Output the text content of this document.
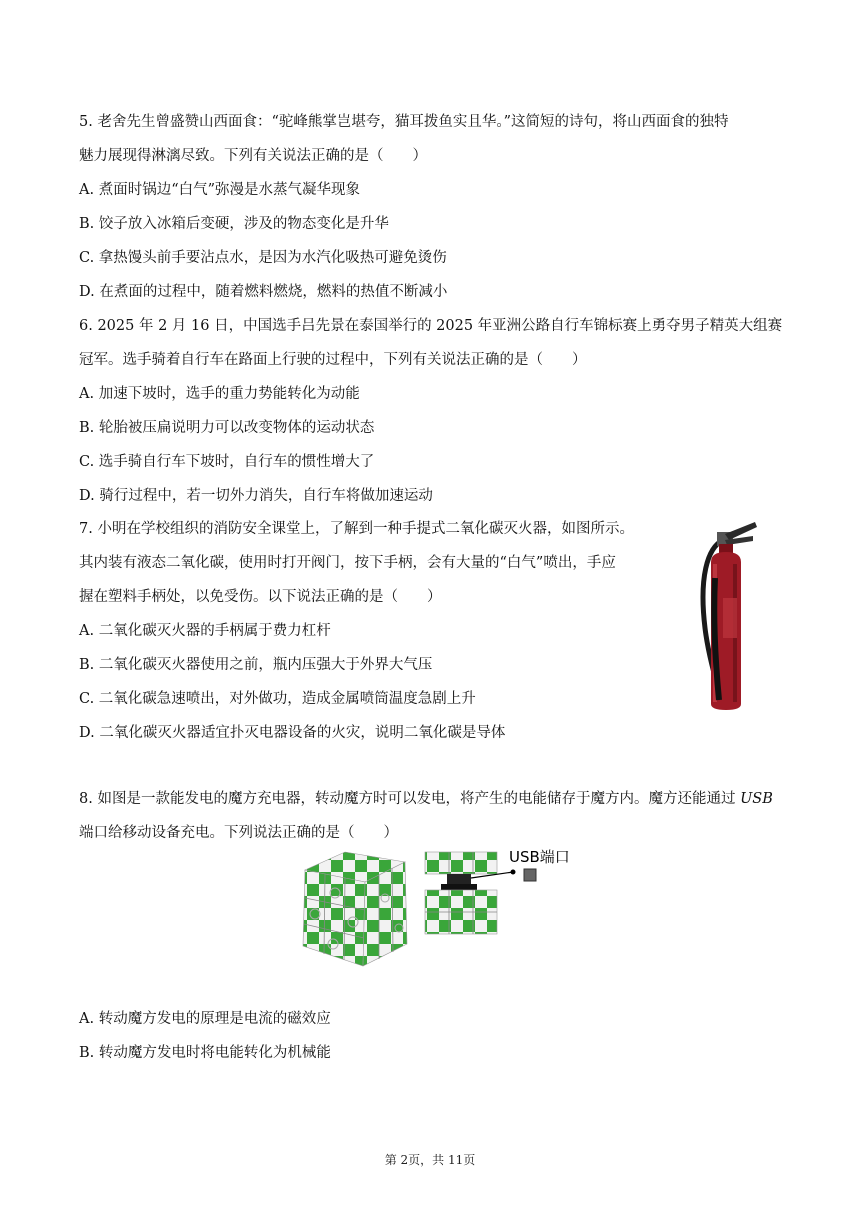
5. 老舍先生曾盛赞山西面食：“驼峰熊掌岂堪夸，猫耳拨鱼实且华。”这简短的诗句，将山西面食的独特
魅力展现得淋漓尽致。下列有关说法正确的是（　　）
A. 煮面时锅边“白气”弥漫是水蒸气凝华现象
B. 饺子放入冰箱后变硬，涉及的物态变化是升华
C. 拿热馒头前手要沾点水，是因为水汽化吸热可避免烫伤
D. 在煮面的过程中，随着燃料燃烧，燃料的热值不断减小
6. 2025 年 2 月 16 日，中国选手吕先景在泰国举行的 2025 年亚洲公路自行车锦标赛上勇夺男子精英大组赛
冠军。选手骑着自行车在路面上行驶的过程中，下列有关说法正确的是（　　）
A. 加速下坡时，选手的重力势能转化为动能
B. 轮胎被压扁说明力可以改变物体的运动状态
C. 选手骑自行车下坡时，自行车的惯性增大了
D. 骑行过程中，若一切外力消失，自行车将做加速运动
7. 小明在学校组织的消防安全课堂上，了解到一种手提式二氧化碳灭火器，如图所示。
其内装有液态二氧化碳，使用时打开阀门，按下手柄，会有大量的“白气”喷出，手应
握在塑料手柄处，以免受伤。以下说法正确的是（　　）
A. 二氧化碳灭火器的手柄属于费力杠杆
B. 二氧化碳灭火器使用之前，瓶内压强大于外界大气压
C. 二氧化碳急速喷出，对外做功，造成金属喷筒温度急剧上升
D. 二氧化碳灭火器适宜扑灭电器设备的火灾，说明二氧化碳是导体
8. 如图是一款能发电的魔方充电器，转动魔方时可以发电，将产生的电能储存于魔方内。魔方还能通过 USB
端口给移动设备充电。下列说法正确的是（　　）
USB端口
A. 转动魔方发电的原理是电流的磁效应
B. 转动魔方发电时将电能转化为机械能
第 2页，共 11页
